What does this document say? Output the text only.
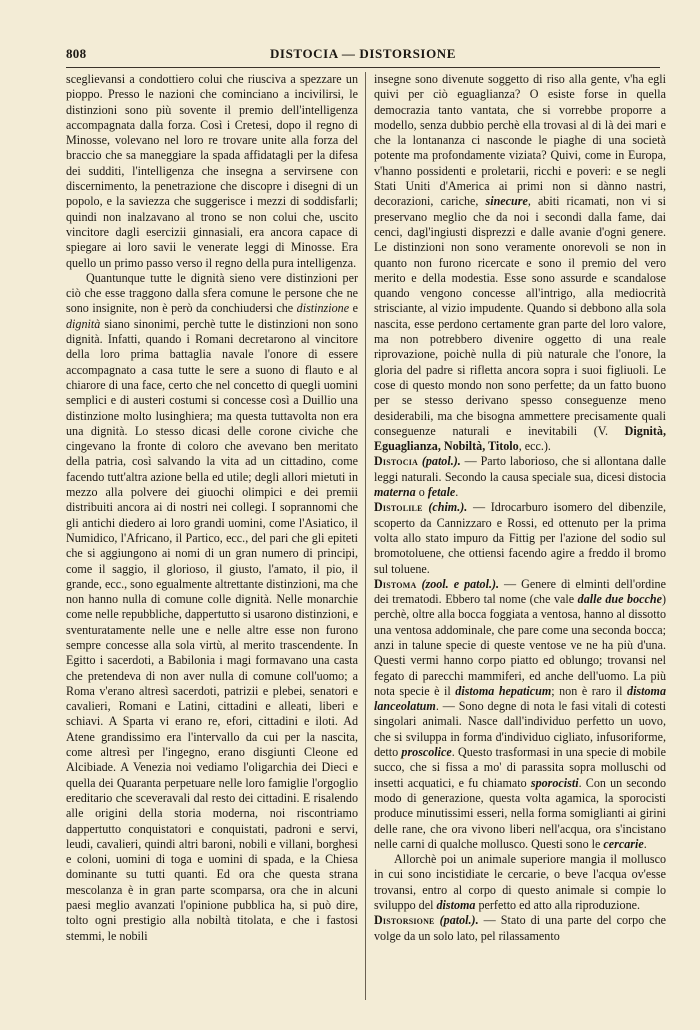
808	DISTOCIA — DISTORSIONE

sceglievansi a condottiero colui che riusciva a spezzare un pioppo. Presso le nazioni che cominciano a incivilirsi, le distinzioni sono più sovente il premio dell'intelligenza accompagnata dalla forza. Così i Cretesi, dopo il regno di Minosse, volevano nel loro re trovare unite alla forza del braccio che sa maneggiare la spada affidatagli per la difesa dei sudditi, l'intelligenza che insegna a servirsene con discernimento, la penetrazione che discopre i disegni di un popolo, e la saviezza che suggerisce i mezzi di soddisfarli; quindi non inalzavano al trono se non colui che, uscito vincitore dagli esercizii ginnasiali, era ancora capace di spiegare ai loro savii le venerate leggi di Minosse. Era quello un primo passo verso il regno della pura intelligenza.

Quantunque tutte le dignità sieno vere distinzioni per ciò che esse traggono dalla sfera comune le persone che ne sono insignite, non è però da conchiudersi che distinzione e dignità siano sinonimi, perchè tutte le distinzioni non sono dignità. Infatti, quando i Romani decretarono al vincitore della loro prima battaglia navale l'onore di essere accompagnato a casa tutte le sere a suono di flauto e al chiarore di una face, certo che nel concetto di quegli uomini semplici e di austeri costumi si concesse così a Duillio una distinzione molto lusinghiera; ma questa tuttavolta non era una dignità. Lo stesso dicasi delle corone civiche che cingevano la fronte di coloro che avevano ben meritato della patria, così salvando la vita ad un cittadino, come facendo tutt'altra azione bella ed utile; degli allori mietuti in mezzo alla polvere dei giuochi olimpici e dei premii distribuiti ancora ai di nostri nei collegi. I soprannomi che gli antichi diedero ai loro grandi uomini, come l'Asiatico, il Numidico, l'Africano, il Partico, ecc., del pari che gli epiteti che si aggiungono ai nomi di un gran numero di principi, come il saggio, il glorioso, il giusto, l'amato, il pio, il grande, ecc., sono egualmente altrettante distinzioni, ma che non hanno nulla di comune colle dignità. Nelle monarchie come nelle repubbliche, dappertutto si usarono distinzioni, e sventuratamente nelle une e nelle altre esse non furono sempre concesse alla sola virtù, al merito trascendente. In Egitto i sacerdoti, a Babilonia i magi formavano una casta che pretendeva di non aver nulla di comune coll'uomo; a Roma v'erano altresì sacerdoti, patrizii e plebei, senatori e cavalieri, Romani e Latini, cittadini e alleati, liberi e schiavi. A Sparta vi erano re, efori, cittadini e iloti. Ad Atene grandissimo era l'intervallo da cui per la nascita, come altresì per l'ingegno, erano disgiunti Cleone ed Alcibiade. A Venezia noi vediamo l'oligarchia dei Dieci e quella dei Quaranta perpetuare nelle loro famiglie l'orgoglio ereditario che sceveravali dal resto dei cittadini. E risalendo alle origini della storia moderna, noi riscontriamo dappertutto conquistatori e conquistati, padroni e servi, leudi, cavalieri, quindi altri baroni, nobili e villani, borghesi e coloni, uomini di toga e uomini di spada, e la Chiesa dominante su tutti quanti. Ed ora che questa strana mescolanza è in gran parte scomparsa, ora che in alcuni paesi meglio avanzati l'opinione pubblica ha, si può dire, tolto ogni prestigio alla nobiltà titolata, e che i fastosi stemmi, le nobili

insegne sono divenute soggetto di riso alla gente, v'ha egli quivi per ciò eguaglianza? O esiste forse in quella democrazia tanto vantata, che si vorrebbe proporre a modello, senza dubbio perchè ella trovasi al di là dei mari e che la lontananza ci nasconde le piaghe di una società potente ma profondamente viziata? Quivi, come in Europa, v'hanno possidenti e proletarii, ricchi e poveri: e se negli Stati Uniti d'America ai primi non si dànno nastri, decorazioni, cariche, sinecure, abiti ricamati, non vi si preservano meglio che da noi i secondi dalla fame, dai cenci, dagl'ingiusti disprezzi e dalle avanie d'ogni genere. Le distinzioni non sono veramente onorevoli se non in quanto non furono ricercate e sono il premio del vero merito e della modestia. Esse sono assurde e scandalose quando vengono concesse all'intrigo, alla mediocrità strisciante, al vizio impudente. Quando si debbono alla sola nascita, esse perdono certamente gran parte del loro valore, ma non potrebbero divenire oggetto di una reale riprovazione, poichè nulla di più naturale che l'onore, la gloria del padre si rifletta ancora sopra i suoi figliuoli. Le cose di questo mondo non sono perfette; da un fatto buono per se stesso derivano spesso conseguenze meno desiderabili, ma che bisogna ammettere precisamente quali conseguenze naturali e inevitabili (V. Dignità, Eguaglianza, Nobiltà, Titolo, ecc.).

Distocia (patol.). — Parto laborioso, che si allontana dalle leggi naturali. Secondo la causa speciale sua, dicesi distocia materna o fetale.

Distolile (chim.). — Idrocarburo isomero del dibenzile, scoperto da Cannizzaro e Rossi, ed ottenuto per la prima volta allo stato impuro da Fittig per l'azione del sodio sul bromotoluene, che ottiensi facendo agire a freddo il bromo sul toluene.

Distoma (zool. e patol.). — Genere di elminti dell'ordine dei trematodi. Ebbero tal nome (che vale dalle due bocche) perchè, oltre alla bocca foggiata a ventosa, hanno al dissotto una ventosa addominale, che pare come una seconda bocca; anzi in talune specie di queste ventose ve ne ha più d'una. Questi vermi hanno corpo piatto ed oblungo; trovansi nel fegato di parecchi mammiferi, ed anche dell'uomo. La più nota specie è il distoma hepaticum; non è raro il distoma lanceolatum. — Sono degne di nota le fasi vitali di cotesti singolari animali. Nasce dall'individuo perfetto un uovo, che si sviluppa in forma d'individuo cigliato, infusoriforme, detto proscolice. Questo trasformasi in una specie di mobile succo, che si fissa a mo' di parassita sopra molluschi od insetti acquatici, e fu chiamato sporocisti. Con un secondo modo di generazione, questa volta agamica, la sporocisti produce minutissimi esseri, nella forma somiglianti ai girini delle rane, che ora vivono liberi nell'acqua, ora s'incistano nelle carni di qualche mollusco. Questi sono le cercarie.

Allorchè poi un animale superiore mangia il mollusco in cui sono incistidiate le cercarie, o beve l'acqua ov'esse trovansi, entro al corpo di questo animale si compie lo sviluppo del distoma perfetto ed atto alla riproduzione.

Distorsione (patol.). — Stato di una parte del corpo che volge da un solo lato, pel rilassamento
